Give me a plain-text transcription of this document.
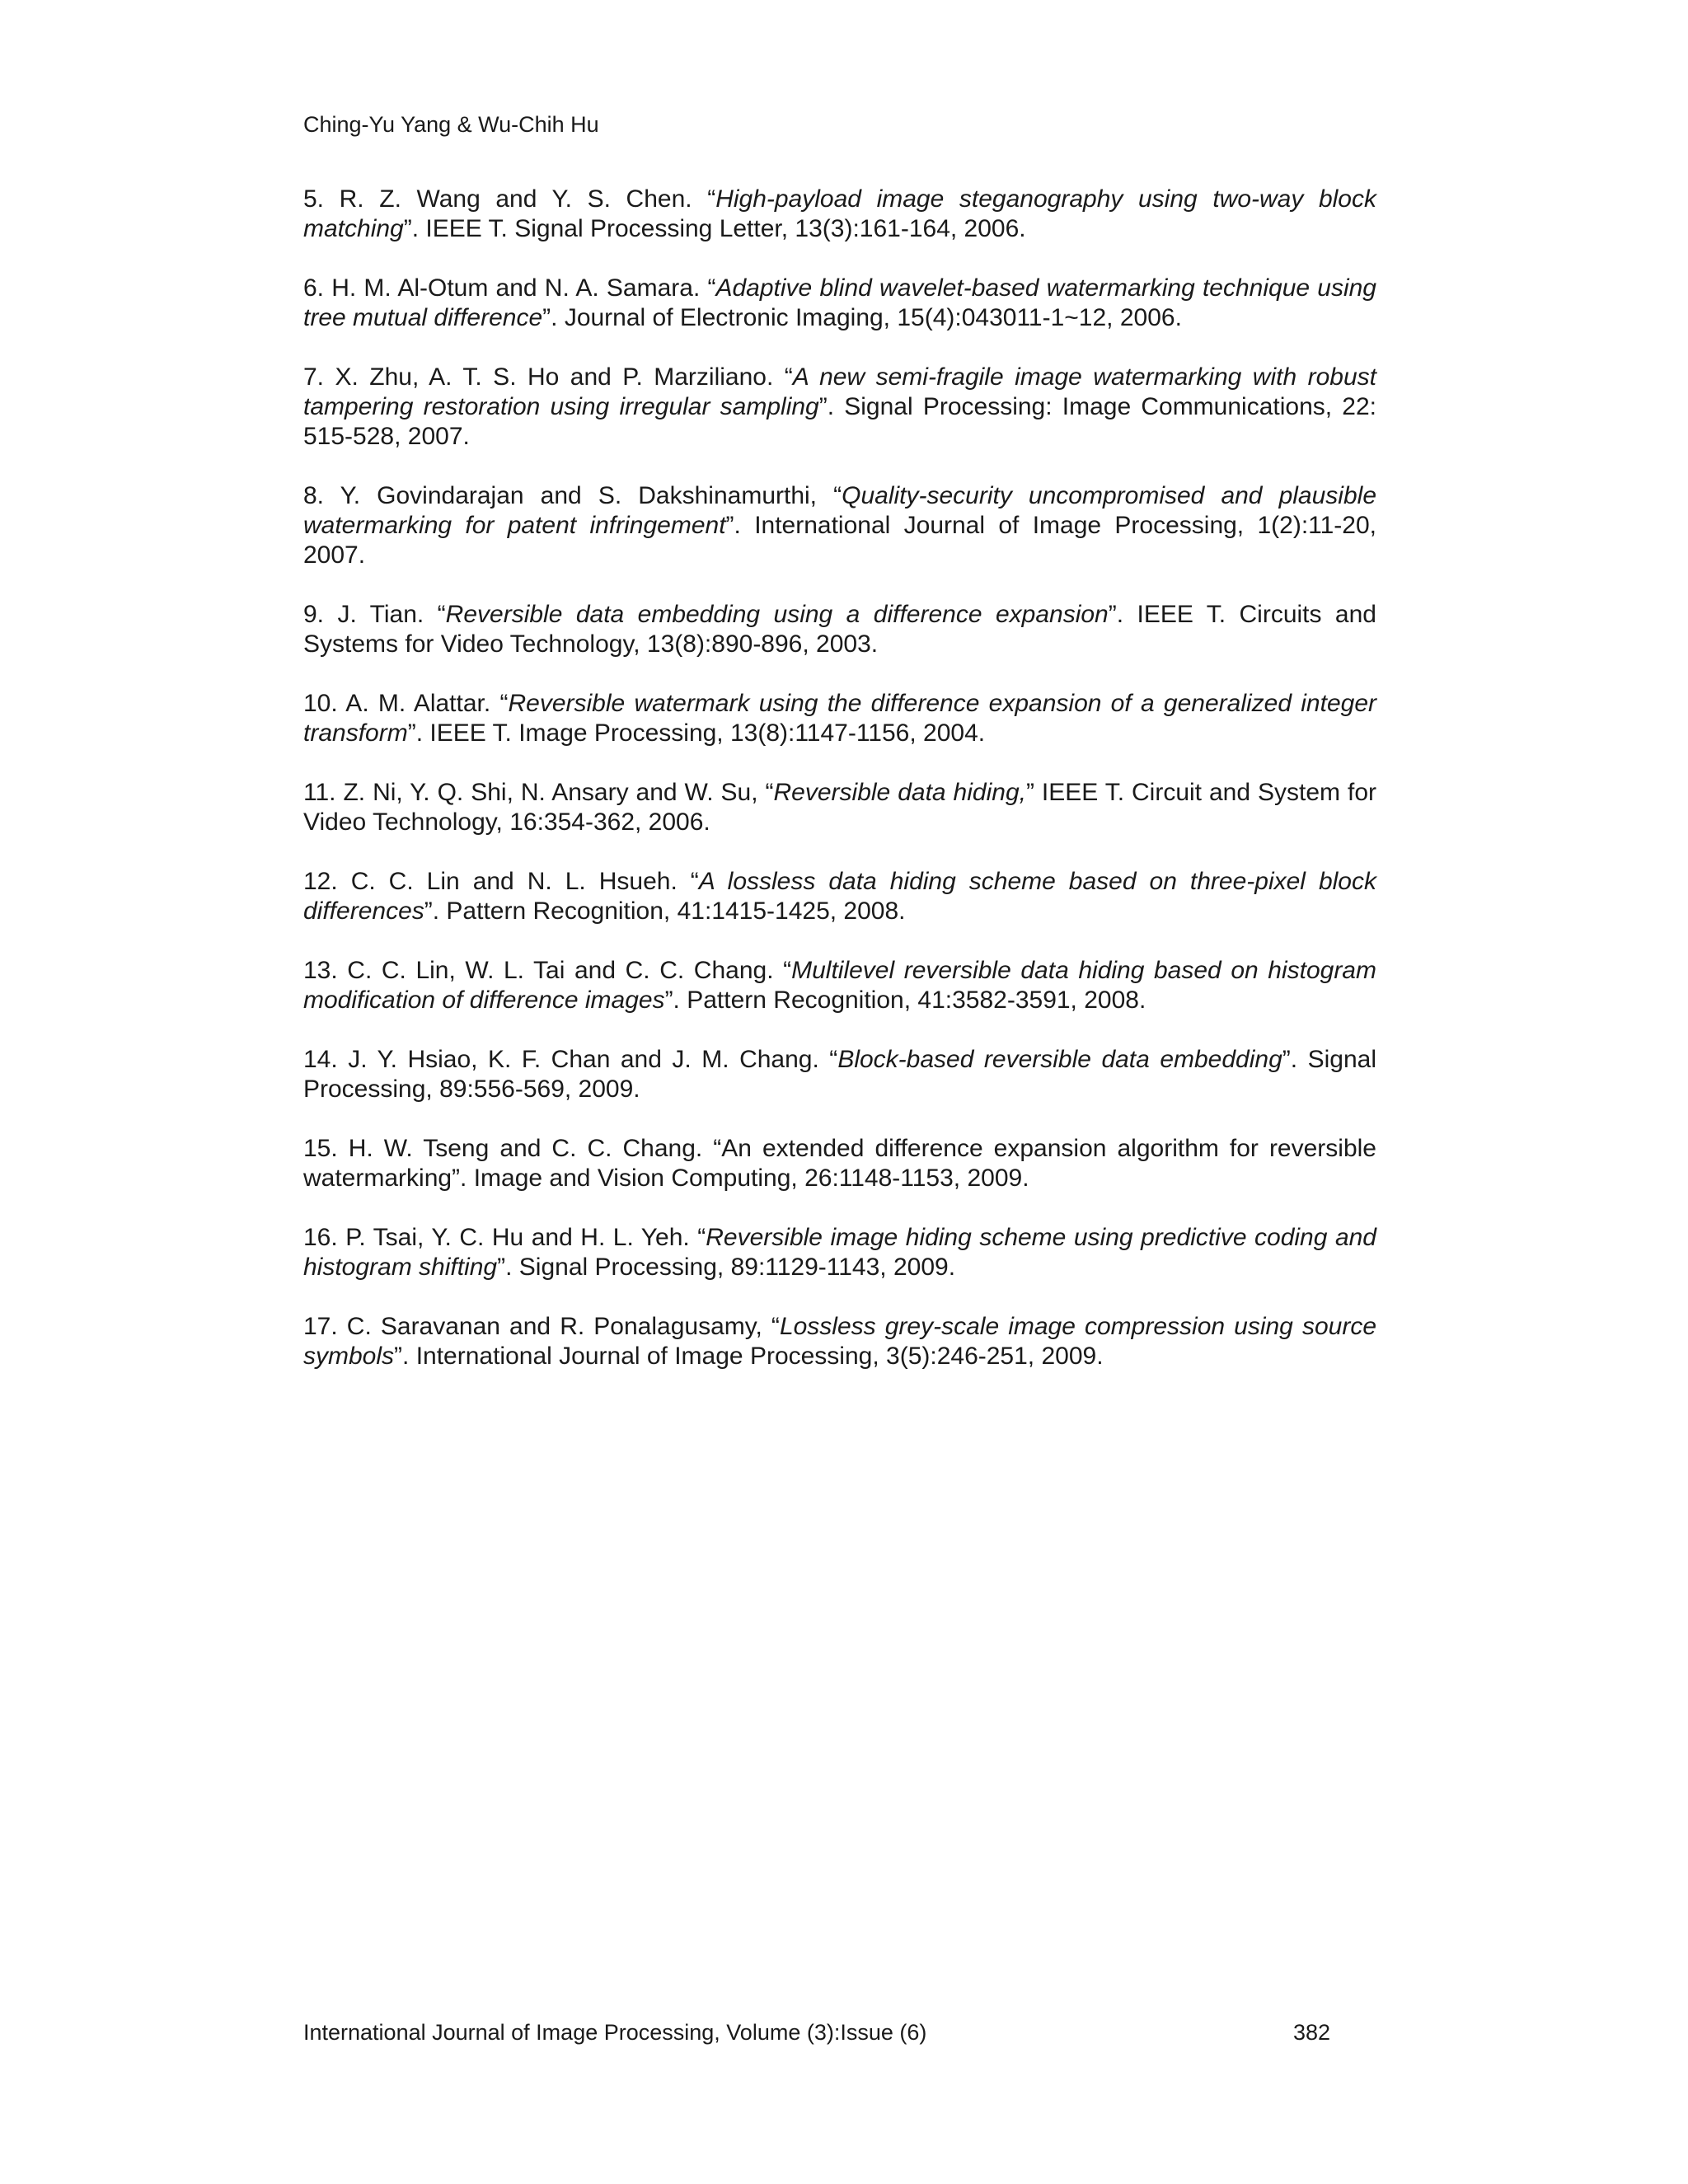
Ching-Yu Yang & Wu-Chih Hu
5. R. Z. Wang and Y. S. Chen. “High-payload image steganography using two-way block matching”. IEEE T. Signal Processing Letter, 13(3):161-164, 2006.
6. H. M. Al-Otum and N. A. Samara. “Adaptive blind wavelet-based watermarking technique using tree mutual difference”. Journal of Electronic Imaging, 15(4):043011-1~12, 2006.
7. X. Zhu, A. T. S. Ho and P. Marziliano. “A new semi-fragile image watermarking with robust tampering restoration using irregular sampling”. Signal Processing: Image Communications, 22: 515-528, 2007.
8. Y. Govindarajan and S. Dakshinamurthi, “Quality-security uncompromised and plausible watermarking for patent infringement”. International Journal of Image Processing, 1(2):11-20, 2007.
9. J. Tian. “Reversible data embedding using a difference expansion”. IEEE T. Circuits and Systems for Video Technology, 13(8):890-896, 2003.
10. A. M. Alattar. “Reversible watermark using the difference expansion of a generalized integer transform”. IEEE T. Image Processing, 13(8):1147-1156, 2004.
11. Z. Ni, Y. Q. Shi, N. Ansary and W. Su, “Reversible data hiding,” IEEE T. Circuit and System for Video Technology, 16:354-362, 2006.
12. C. C. Lin and N. L. Hsueh. “A lossless data hiding scheme based on three-pixel block differences”. Pattern Recognition, 41:1415-1425, 2008.
13. C. C. Lin, W. L. Tai and C. C. Chang. “Multilevel reversible data hiding based on histogram modification of difference images”. Pattern Recognition, 41:3582-3591, 2008.
14. J. Y. Hsiao, K. F. Chan and J. M. Chang. “Block-based reversible data embedding”. Signal Processing, 89:556-569, 2009.
15. H. W. Tseng and C. C. Chang. “An extended difference expansion algorithm for reversible watermarking”. Image and Vision Computing, 26:1148-1153, 2009.
16. P. Tsai, Y. C. Hu and H. L. Yeh. “Reversible image hiding scheme using predictive coding and histogram shifting”. Signal Processing, 89:1129-1143, 2009.
17. C. Saravanan and R. Ponalagusamy, “Lossless grey-scale image compression using source symbols”. International Journal of Image Processing, 3(5):246-251, 2009.
International Journal of Image Processing, Volume (3):Issue (6)	382
